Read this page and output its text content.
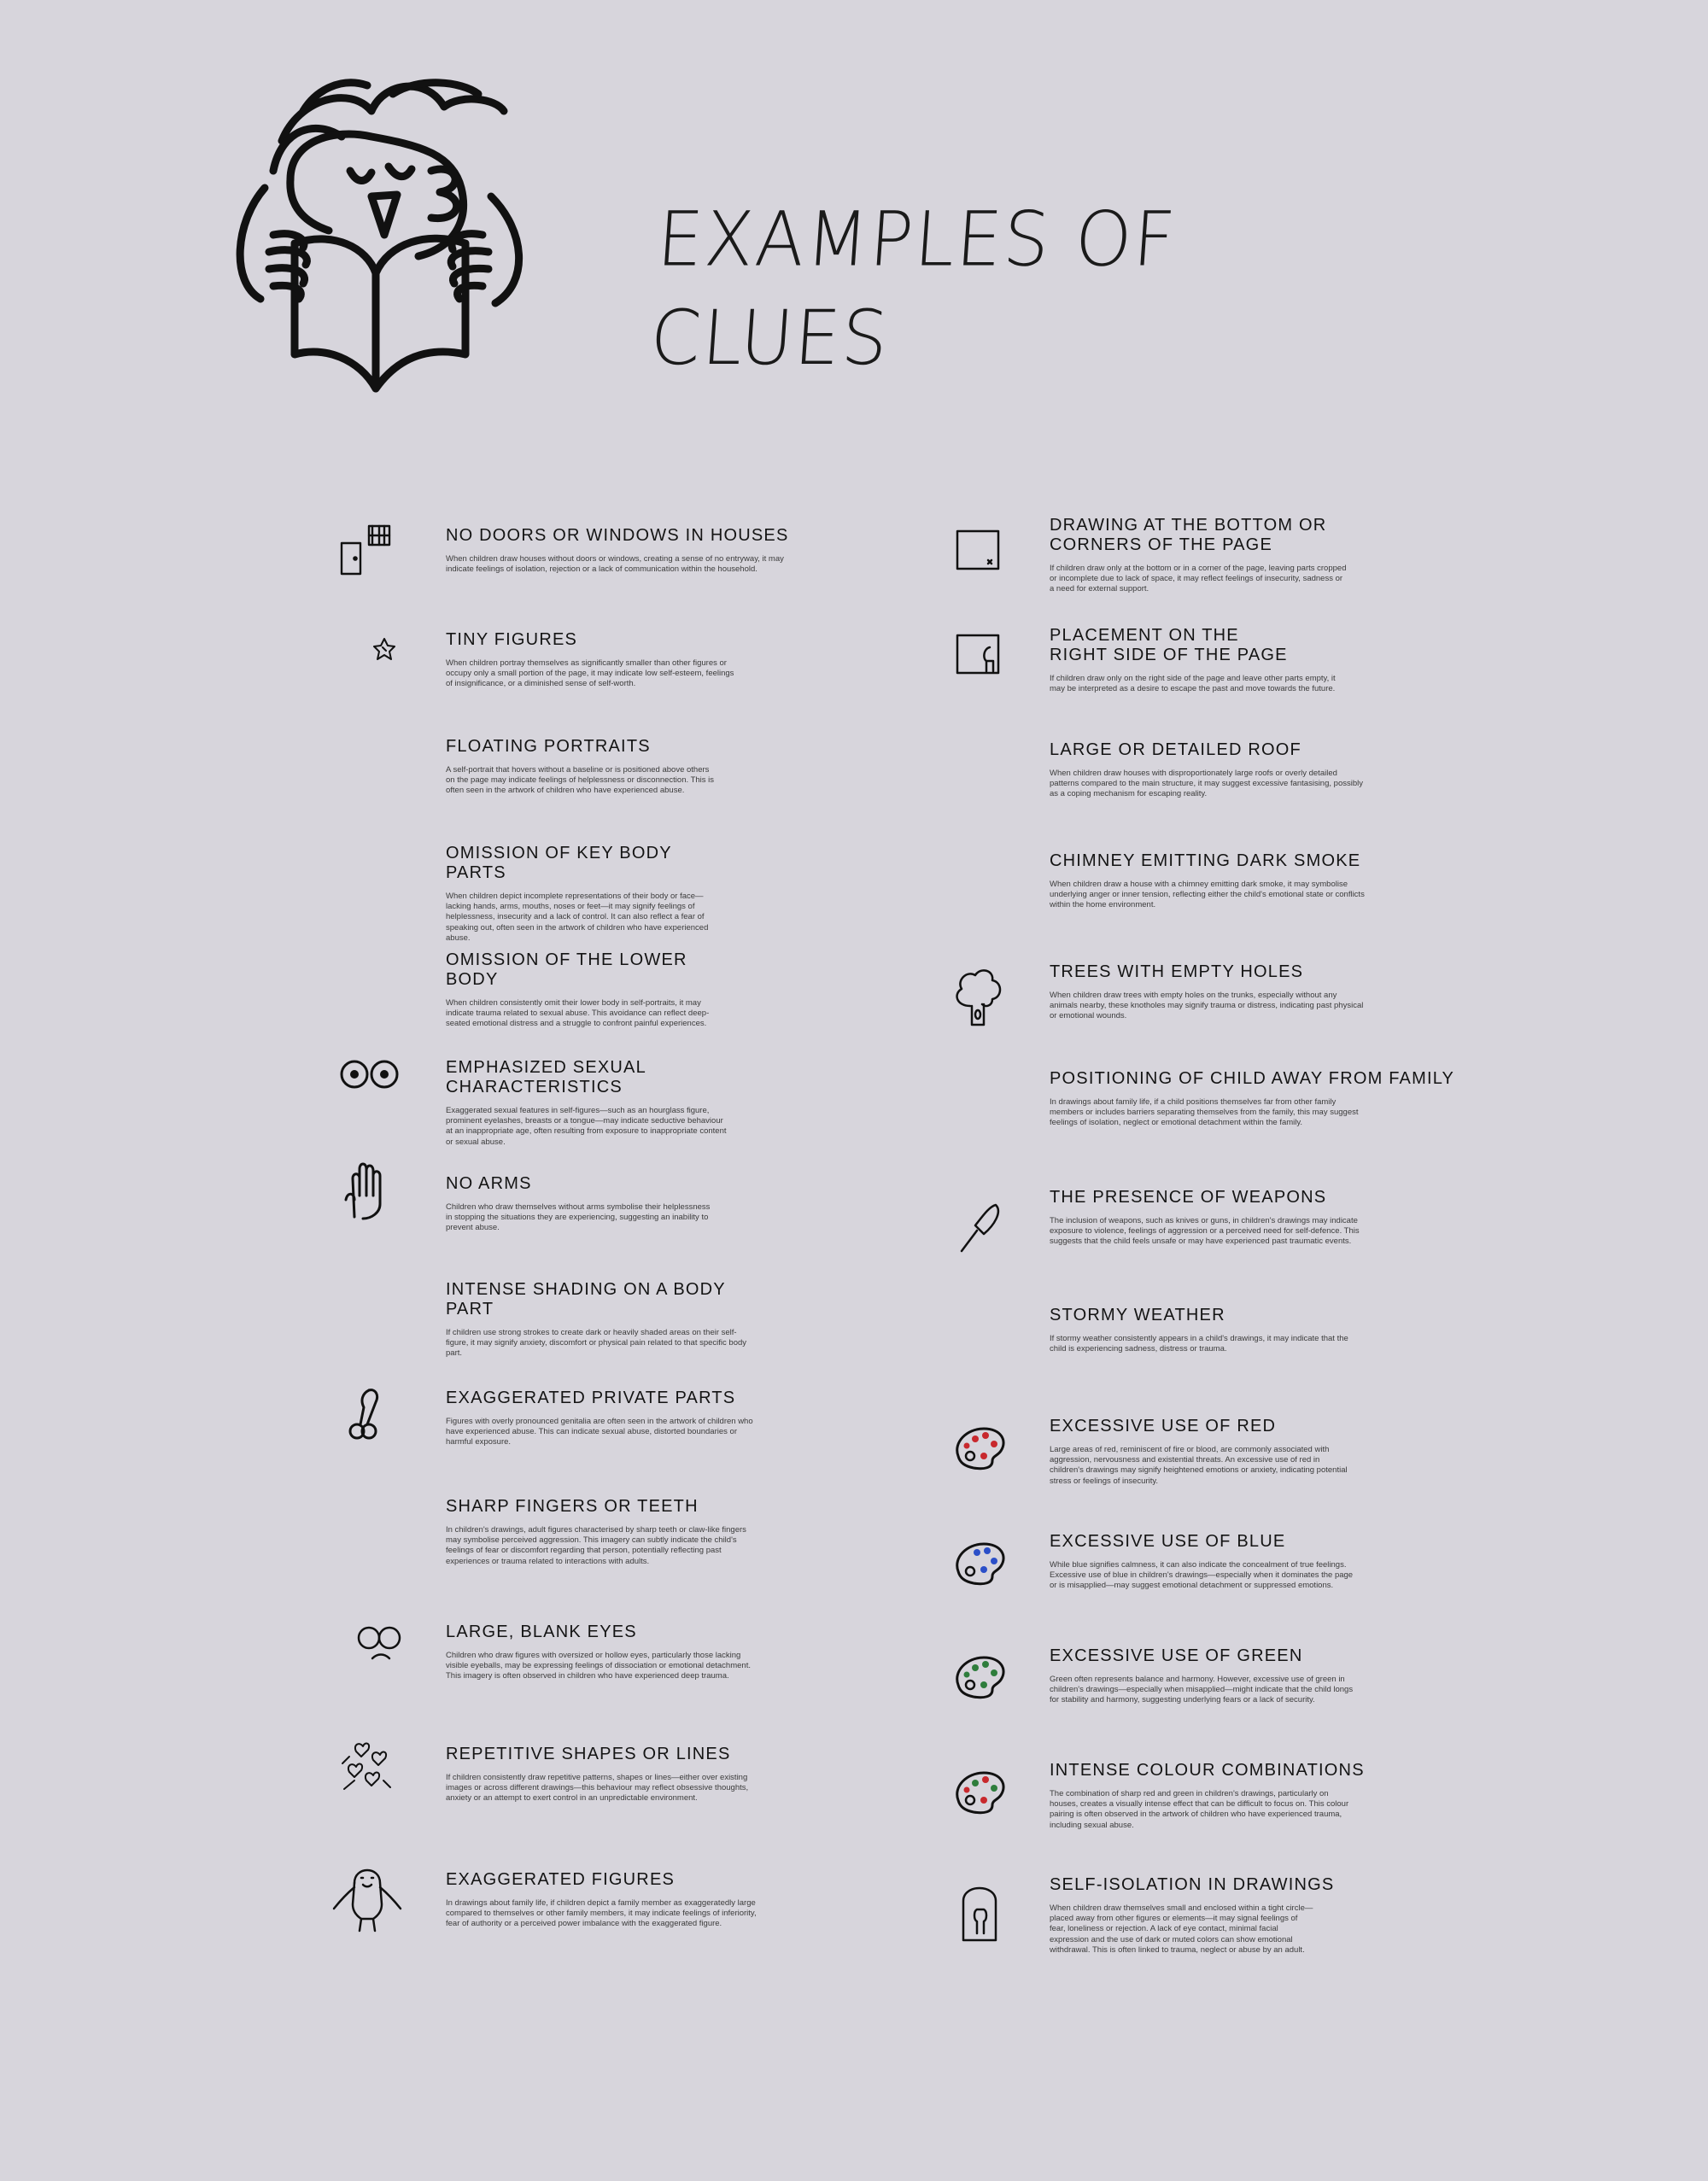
EXAMPLES OF CLUES
NO DOORS OR WINDOWS IN HOUSES

When children draw houses without doors or windows, creating a sense of no entryway, it may indicate feelings of isolation, rejection or a lack of communication within the household.

TINY FIGURES

When children portray themselves as significantly smaller than other figures or occupy only a small portion of the page, it may indicate low self-esteem, feelings of insignificance, or a diminished sense of self-worth.

FLOATING PORTRAITS

A self-portrait that hovers without a baseline or is positioned above others on the page may indicate feelings of helplessness or disconnection. This is often seen in the artwork of children who have experienced abuse.

OMISSION OF KEY BODY PARTS

When children depict incomplete representations of their body or face—lacking hands, arms, mouths, noses or feet—it may signify feelings of helplessness, insecurity and a lack of control. It can also reflect a fear of speaking out, often seen in the artwork of children who have experienced abuse.

OMISSION OF THE LOWER BODY

When children consistently omit their lower body in self-portraits, it may indicate trauma related to sexual abuse. This avoidance can reflect deep-seated emotional distress and a struggle to confront painful experiences.

EMPHASIZED SEXUAL CHARACTERISTICS

Exaggerated sexual features in self-figures—such as an hourglass figure, prominent eyelashes, breasts or a tongue—may indicate seductive behaviour at an inappropriate age, often resulting from exposure to inappropriate content or sexual abuse.

NO ARMS

Children who draw themselves without arms symbolise their helplessness in stopping the situations they are experiencing, suggesting an inability to prevent abuse.

INTENSE SHADING ON A BODY PART

If children use strong strokes to create dark or heavily shaded areas on their self-figure, it may signify anxiety, discomfort or physical pain related to that specific body part.

EXAGGERATED PRIVATE PARTS

Figures with overly pronounced genitalia are often seen in the artwork of children who have experienced abuse. This can indicate sexual abuse, distorted boundaries or harmful exposure.

SHARP FINGERS OR TEETH

In children's drawings, adult figures characterised by sharp teeth or claw-like fingers may symbolise perceived aggression. This imagery can subtly indicate the child's feelings of fear or discomfort regarding that person, potentially reflecting past experiences or trauma related to interactions with adults.

LARGE, BLANK EYES

Children who draw figures with oversized or hollow eyes, particularly those lacking visible eyeballs, may be expressing feelings of dissociation or emotional detachment. This imagery is often observed in children who have experienced deep trauma.

REPETITIVE SHAPES OR LINES

If children consistently draw repetitive patterns, shapes or lines—either over existing images or across different drawings—this behaviour may reflect obsessive thoughts, anxiety or an attempt to exert control in an unpredictable environment.

EXAGGERATED FIGURES

In drawings about family life, if children depict a family member as exaggeratedly large compared to themselves or other family members, it may indicate feelings of inferiority, fear of authority or a perceived power imbalance with the exaggerated figure.

DRAWING AT THE BOTTOM OR CORNERS OF THE PAGE

If children draw only at the bottom or in a corner of the page, leaving parts cropped or incomplete due to lack of space, it may reflect feelings of insecurity, sadness or a need for external support.

PLACEMENT ON THE RIGHT SIDE OF THE PAGE

If children draw only on the right side of the page and leave other parts empty, it may be interpreted as a desire to escape the past and move towards the future.

LARGE OR DETAILED ROOF

When children draw houses with disproportionately large roofs or overly detailed patterns compared to the main structure, it may suggest excessive fantasising, possibly as a coping mechanism for escaping reality.

CHIMNEY EMITTING DARK SMOKE

When children draw a house with a chimney emitting dark smoke, it may symbolise underlying anger or inner tension, reflecting either the child's emotional state or conflicts within the home environment.

TREES WITH EMPTY HOLES

When children draw trees with empty holes on the trunks, especially without any animals nearby, these knotholes may signify trauma or distress, indicating past physical or emotional wounds.

POSITIONING OF CHILD AWAY FROM FAMILY

In drawings about family life, if a child positions themselves far from other family members or includes barriers separating themselves from the family, this may suggest feelings of isolation, neglect or emotional detachment within the family.

THE PRESENCE OF WEAPONS

The inclusion of weapons, such as knives or guns, in children's drawings may indicate exposure to violence, feelings of aggression or a perceived need for self-defence. This suggests that the child feels unsafe or may have experienced past traumatic events.

STORMY WEATHER

If stormy weather consistently appears in a child's drawings, it may indicate that the child is experiencing sadness, distress or trauma.

EXCESSIVE USE OF RED

Large areas of red, reminiscent of fire or blood, are commonly associated with aggression, nervousness and existential threats. An excessive use of red in children's drawings may signify heightened emotions or anxiety, indicating potential stress or feelings of insecurity.

EXCESSIVE USE OF BLUE

While blue signifies calmness, it can also indicate the concealment of true feelings. Excessive use of blue in children's drawings—especially when it dominates the page or is misapplied—may suggest emotional detachment or suppressed emotions.

EXCESSIVE USE OF GREEN

Green often represents balance and harmony. However, excessive use of green in children's drawings—especially when misapplied—might indicate that the child longs for stability and harmony, suggesting underlying fears or a lack of security.

INTENSE COLOUR COMBINATIONS

The combination of sharp red and green in children's drawings, particularly on houses, creates a visually intense effect that can be difficult to focus on. This colour pairing is often observed in the artwork of children who have experienced trauma, including sexual abuse.

SELF-ISOLATION IN DRAWINGS

When children draw themselves small and enclosed within a tight circle—placed away from other figures or elements—it may signal feelings of fear, loneliness or rejection. A lack of eye contact, minimal facial expression and the use of dark or muted colors can show emotional withdrawal. This is often linked to trauma, neglect or abuse by an adult.
